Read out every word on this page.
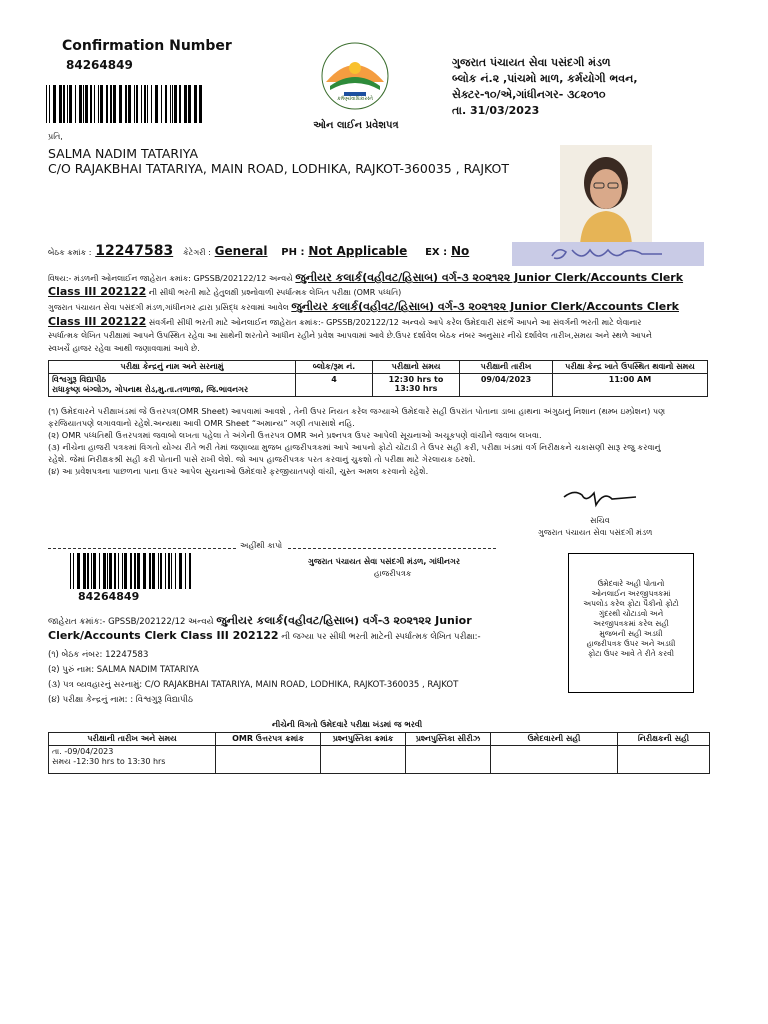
Confirmation Number
84264849
કર્મણ્યેવાધિકારસ્તે
ઓન લાઈન પ્રવેશપત્ર
ગુજરાત પંચાયત સેવા પસંદગી મંડળ
બ્લોક નં.૨ ,પાંચમો માળ, કર્મયોગી ભવન,
સેક્ટર-૧૦/એ,ગાંધીનગર- ૩૮૨૦૧૦
તા. 31/03/2023
પ્રતિ,
SALMA NADIM TATARIYA
C/O RAJAKBHAI TATARIYA, MAIN ROAD, LODHIKA, RAJKOT-360035 , RAJKOT
બેઠક ક્રમાંક : 12247583 કેટેગરી : General PH : Not Applicable EX : No
વિષય:- મંડળની ઓનલાઈન જાહેરાત ક્રમાંક: GPSSB/202122/12 અન્વયે જુનીયર કલાર્ક(વહીવટ/હિસાબ) વર્ગ-૩ ૨૦૨૧૨૨ Junior Clerk/Accounts Clerk
Class III 202122 ની સીધી ભરતી માટે હેતુલક્ષી પ્રશ્નોવાળી સ્પર્ધાત્મક લેખિત પરીક્ષા (OMR પધ્ધતિ)
ગુજરાત પંચાયત સેવા પસંદગી મંડળ,ગાંધીનગર દ્વારા પ્રસિદ્ધ કરવામાં આવેલ જુનીયર કલાર્ક(વહીવટ/હિસાબ) વર્ગ-૩ ૨૦૨૧૨૨ Junior Clerk/Accounts Clerk
Class III 202122 સંવર્ગની સીધી ભરતી માટે ઓનલાઈન જાહેરાત ક્રમાંક:- GPSSB/202122/12 અન્વયે આપે કરેલ ઉમેદવારી સંદર્ભે આપને આ સંવર્ગની ભરતી માટે લેવાનાર
સ્પર્ધાત્મક લેખિત પરીક્ષામાં આપને ઉપસ્થિત રહેવા આ સાથેની શરતોને આધીન રહીને પ્રવેશ આપવામાં આવે છે.ઉપર દર્શાવેલ બેઠક નંબર અનુસાર નીચે દર્શાવેલ તારીખ,સમય અને સ્થળે આપને
સ્વખર્ચે હાજર રહેવા આથી જણાવવામાં આવે છે.
પરીક્ષા કેન્દ્રનું નામ અને સરનામું	બ્લોક/રૂમ નં.	પરીક્ષાનો સમય	પરીક્ષાની તારીખ	પરીક્ષા કેન્દ્ર ખાતે ઉપસ્થિત થવાનો સમય

વિશ્વગુરૂ વિદ્યાપીઠ
રાધાકૃષ્ણ બંગ્લોઝ, ગોપનાથ રોડ,મુ.તા.તળાજા, જિ.ભાવનગર	4	12:30 hrs to 13:30 hrs	09/04/2023	11:00 AM
(૧) ઉમેદવારને પરીક્ષાખંડમાં જે ઉત્તરપત્ર(OMR Sheet) આપવામાં આવશે , તેની ઉપર નિયત કરેલ જગ્યાએ ઉમેદવારે સહી ઉપરાંત પોતાના ડાબા હાથના અંગુઠાનું નિશાન (થમ્બ ઇમ્પ્રેશન) પણ
ફરજિયાતપણે લગાવવાનો રહેશે.અન્યથા આવી OMR Sheet “અમાન્ય” ગણી તપાસાશે નહિ.
(૨) OMR પધ્ધતિથી ઉત્તરપત્રમાં જવાબો લખતા પહેલા તે અંગેની ઉત્તરપત્ર OMR અને પ્રશ્નપત્ર ઉપર આપેલી સૂચનાઓ અચૂકપણે વાંચીને જવાબ લખવા.
(૩) નીચેના હાજરી પત્રકમાં વિગતો યોગ્ય રીતે ભરી તેમાં જણાવ્યા મુજબ હાજરીપત્રકમાં આપે આપનો ફોટો ચોંટાડી તે ઉપર સહી કરી, પરીક્ષા ખંડમાં વર્ગ નિરીક્ષકને ચકાસણી સારૂ રજુ કરવાનું
રહેશે. જેમાં નિરીક્ષકશ્રી સહી કરી પોતાની પાસે રાખી લેશે. જો આપ હાજરીપત્રક પરત કરવાનું ચુકશો તો પરીક્ષા માટે ગેરલાયક ઠરશો.
(૪) આ પ્રવેશપત્રના પાછળના પાના ઉપર આપેલ સુચનાઓ ઉમેદવારે ફરજીયાતપણે વાંચી, ચુસ્ત અમલ કરવાનો રહેશે.
સચિવ
ગુજરાત પંચાયત સેવા પસંદગી મંડળ
અહીંથી કાપો
84264849
ગુજરાત પંચાયત સેવા પસંદગી મંડળ, ગાંધીનગર
હાજરીપત્રક
જાહેરાત ક્રમાંક:- GPSSB/202122/12 અન્વયે જુનીયર કલાર્ક(વહીવટ/હિસાબ) વર્ગ-૩ ૨૦૨૧૨૨ Junior
Clerk/Accounts Clerk Class III 202122 ની જગ્યા પર સીધી ભરતી માટેની સ્પર્ધાત્મક લેખિત પરીક્ષા:-
(૧) બેઠક નંબર: 12247583
(૨) પુરું નામ: SALMA NADIM TATARIYA
(૩) પત્ર વ્યવહારનું સરનામું: C/O RAJAKBHAI TATARIYA, MAIN ROAD, LODHIKA, RAJKOT-360035 , RAJKOT
(૪) પરીક્ષા કેન્દ્રનું નામ: : વિશ્વગુરૂ વિદ્યાપીઠ
ઉમેદવારે અહી પોતાનો ઓનલાઈન અરજીપત્રકમાં અપલોડ કરેલ ફોટા પૈકીનો ફોટો ગુંદરથી ચોંટાડવો અને અરજીપત્રકમાં કરેલ સહી મુજબની સહી અડધી હાજરીપત્રક ઉપર અને અડધી ફોટા ઉપર આવે તે રીતે કરવી
નીચેની વિગતો ઉમેદવારે પરીક્ષા ખંડમાં જ ભરવી
પરીક્ષાની તારીખ અને સમય	OMR ઉત્તરપત્ર ક્રમાંક	પ્રશ્નપુસ્તિકા ક્રમાંક	પ્રશ્નપુસ્તિકા સીરીઝ	ઉમેદવારની સહી	નિરીક્ષકની સહી

તા. -09/04/2023
સમય -12:30 hrs to 13:30 hrs					
